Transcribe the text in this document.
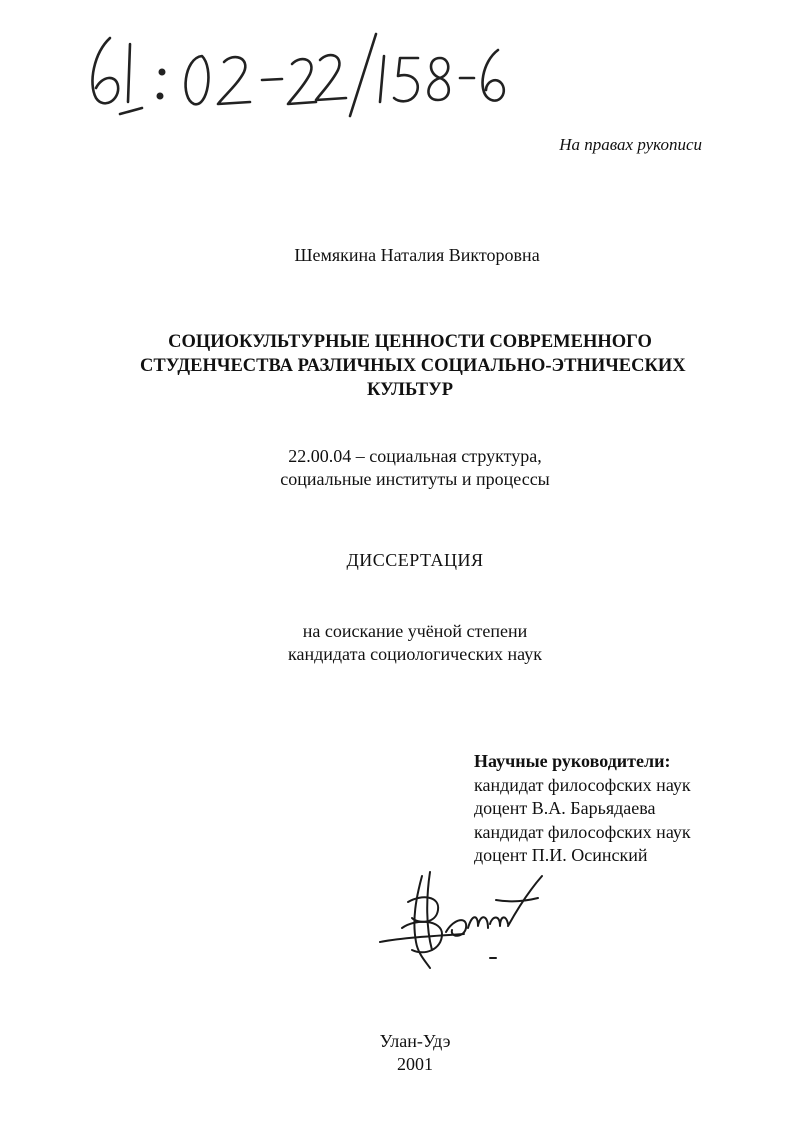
На правах рукописи
Шемякина Наталия Викторовна
СОЦИОКУЛЬТУРНЫЕ ЦЕННОСТИ СОВРЕМЕННОГО
СТУДЕНЧЕСТВА РАЗЛИЧНЫХ СОЦИАЛЬНО-ЭТНИЧЕСКИХ
КУЛЬТУР
22.00.04 – социальная структура,
социальные институты и процессы
ДИССЕРТАЦИЯ
на соискание учёной степени
кандидата социологических наук
Научные руководители:
кандидат философских наук
доцент В.А. Барьядаева
кандидат философских наук
доцент П.И. Осинский
Улан-Удэ
2001
